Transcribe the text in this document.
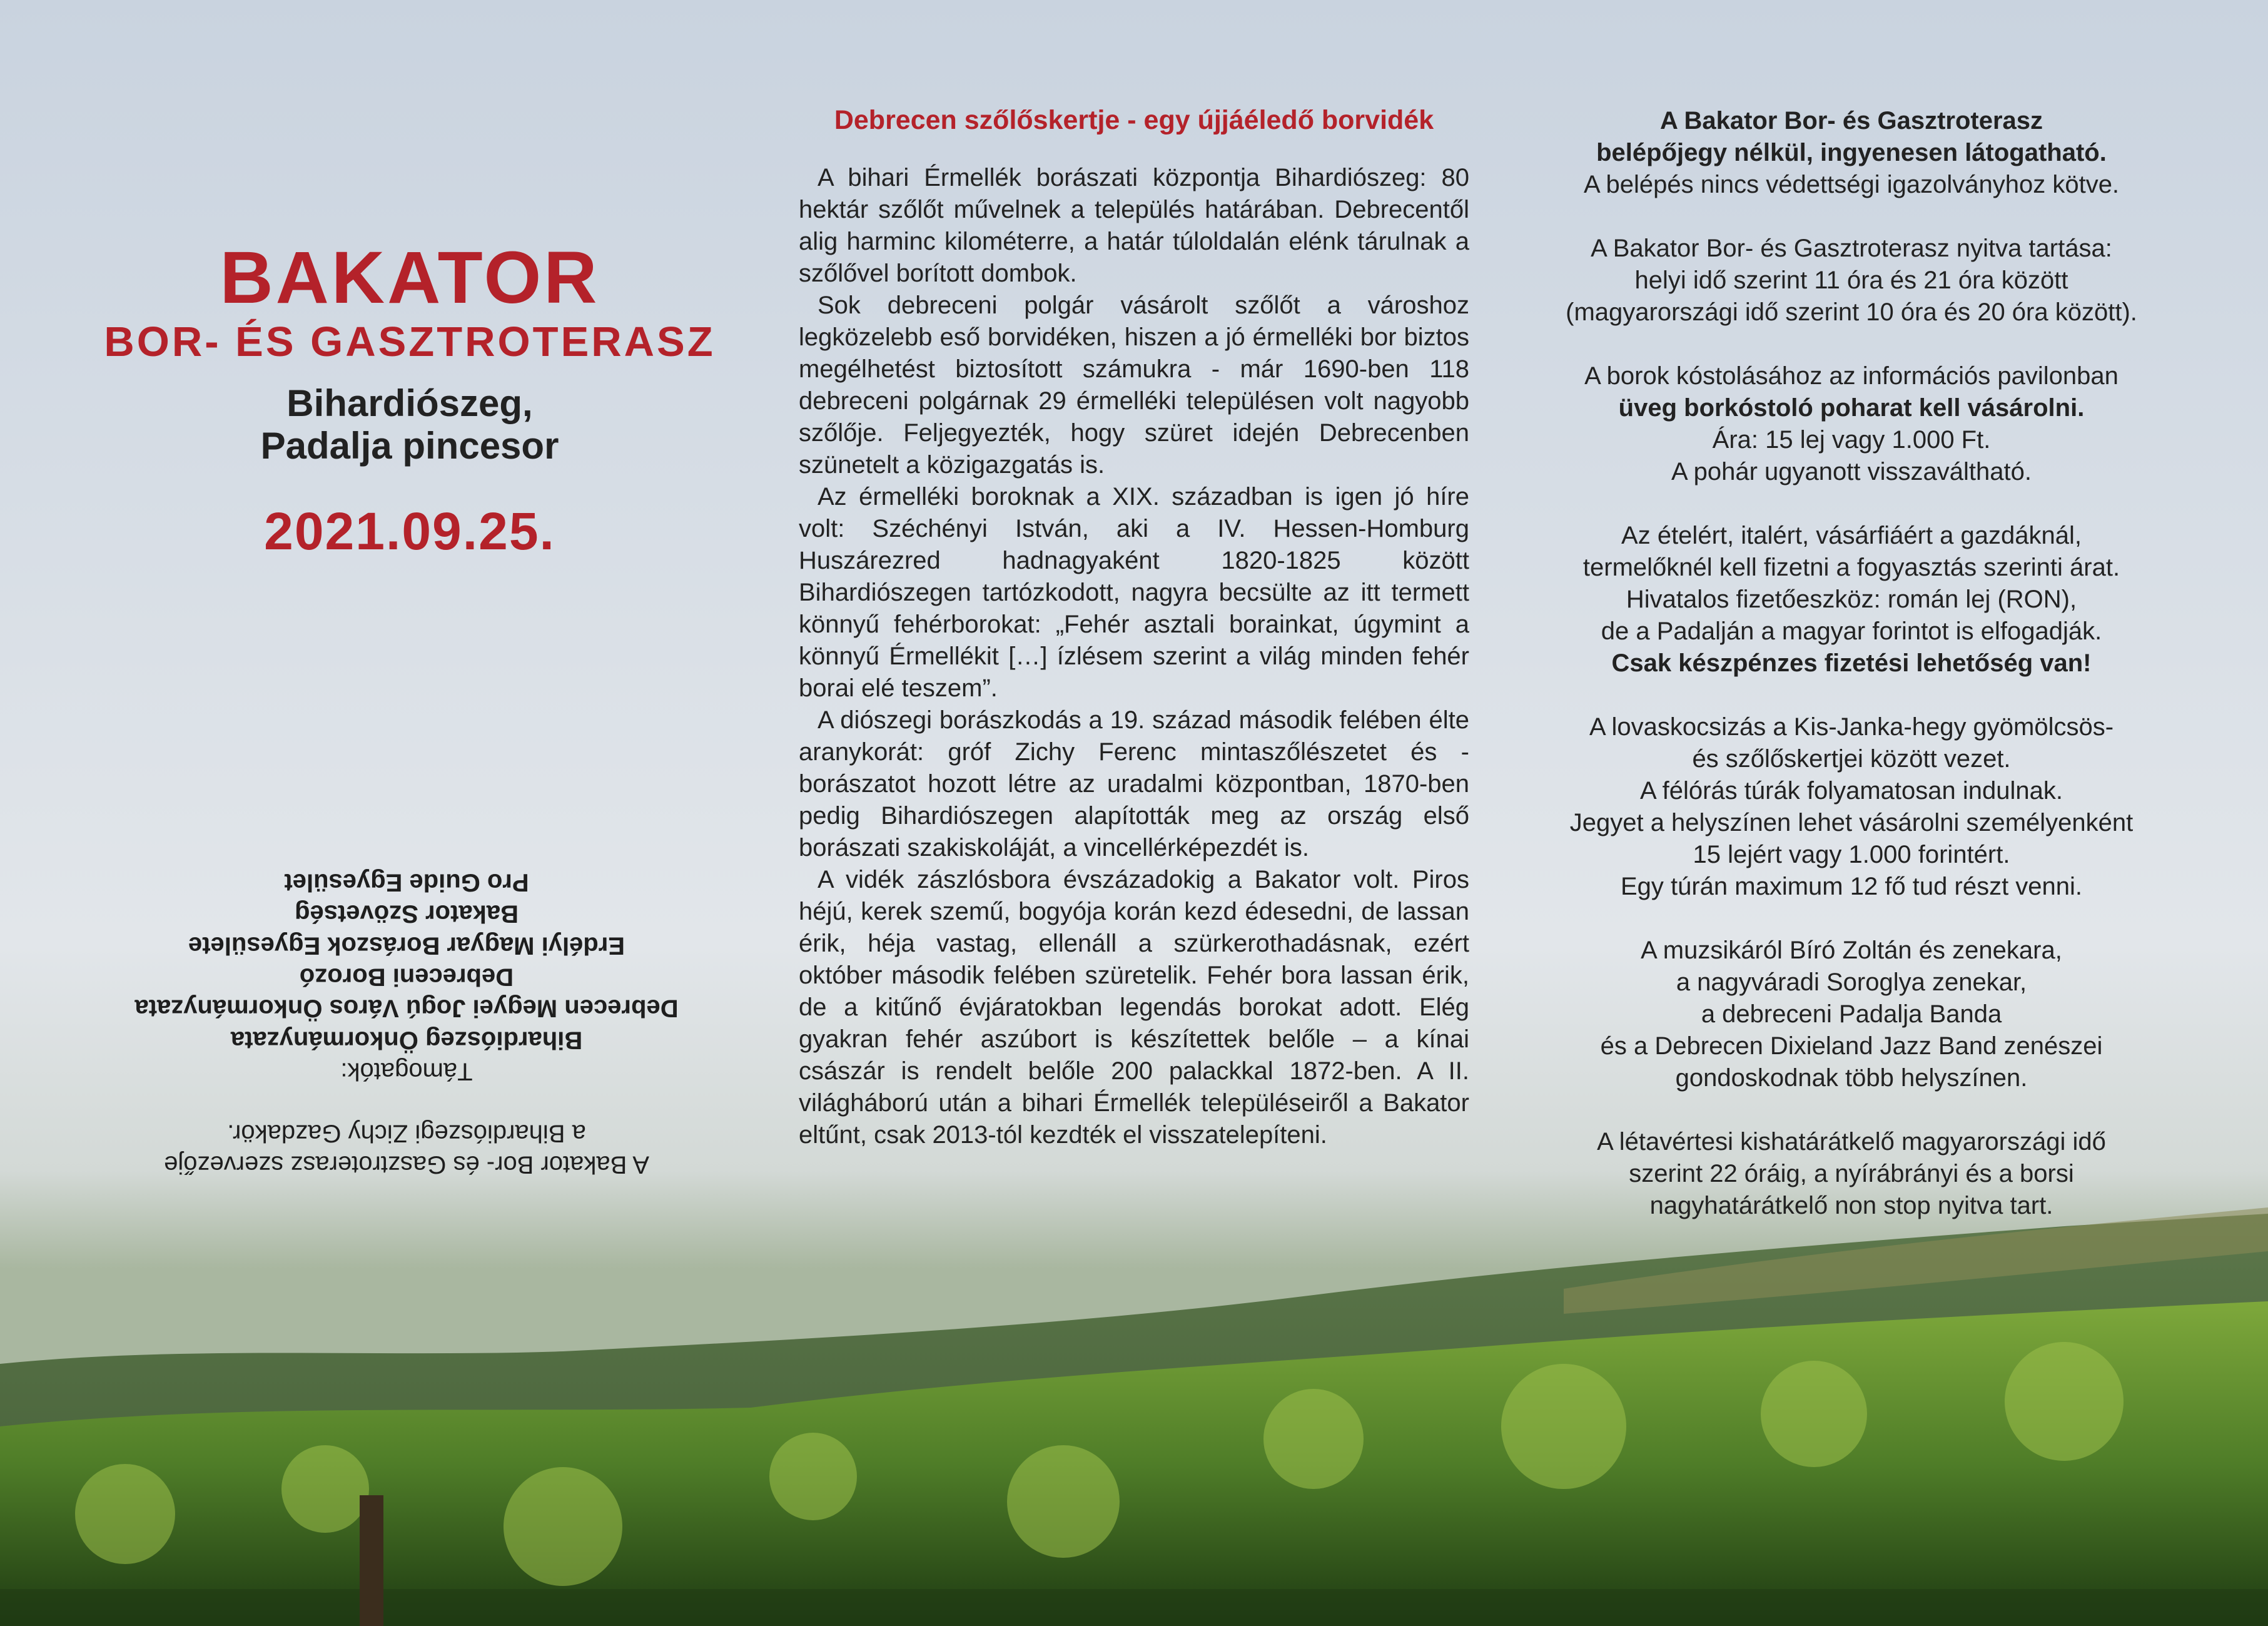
BAKATOR
BOR- ÉS GASZTROTERASZ
Bihardiószeg,
Padalja pincesor
2021.09.25.
A Bakator Bor- és Gasztroterasz szervezője
a Bihardiószegi Zichy Gazdakör.
Támogatók:
Bihardiószeg Önkormányzata
Debrecen Megyei Jogú Város Önkormányzata
Debreceni Borozó
Erdélyi Magyar Borászok Egyesülete
Bakator Szövetség
Pro Guide Egyesület
Debrecen szőlőskertje - egy újjáéledő borvidék

A bihari Érmellék borászati központja Bihardiószeg: 80 hektár szőlőt művelnek a település határában. Debrecentől alig harminc kilométerre, a határ túloldalán elénk tárulnak a szőlővel borított dombok.

Sok debreceni polgár vásárolt szőlőt a városhoz legközelebb eső borvidéken, hiszen a jó érmelléki bor biztos megélhetést biztosított számukra - már 1690-ben 118 debreceni polgárnak 29 érmelléki településen volt nagyobb szőlője. Feljegyezték, hogy szüret idején Debrecenben szünetelt a közigazgatás is.

Az érmelléki boroknak a XIX. században is igen jó híre volt: Széchényi István, aki a IV. Hessen-Homburg Huszárezred hadnagyaként 1820-1825 között Bihardiószegen tartózkodott, nagyra becsülte az itt termett könnyű fehérborokat: „Fehér asztali borainkat, úgymint a könnyű Érmellékit […] ízlésem szerint a világ minden fehér borai elé teszem”.

A diószegi borászkodás a 19. század második felében élte aranykorát: gróf Zichy Ferenc mintaszőlészetet és -borászatot hozott létre az uradalmi központban, 1870-ben pedig Bihardiószegen alapították meg az ország első borászati szakiskoláját, a vincellérképezdét is.

A vidék zászlósbora évszázadokig a Bakator volt. Piros héjú, kerek szemű, bogyója korán kezd édesedni, de lassan érik, héja vastag, ellenáll a szürkerothadásnak, ezért október második felében szüretelik. Fehér bora lassan érik, de a kitűnő évjáratokban legendás borokat adott. Elég gyakran fehér aszúbort is készítettek belőle – a kínai császár is rendelt belőle 200 palackkal 1872-ben. A II. világháború után a bihari Érmellék településeiről a Bakator eltűnt, csak 2013-tól kezdték el visszatelepíteni.

A Bakator Bor- és Gasztroterasz
belépőjegy nélkül, ingyenesen látogatható.
A belépés nincs védettségi igazolványhoz kötve.
A Bakator Bor- és Gasztroterasz nyitva tartása:
helyi idő szerint 11 óra és 21 óra között
(magyarországi idő szerint 10 óra és 20 óra között).
A borok kóstolásához az információs pavilonban
üveg borkóstoló poharat kell vásárolni.
Ára: 15 lej vagy 1.000 Ft.
A pohár ugyanott visszaváltható.
Az ételért, italért, vásárfiáért a gazdáknál,
termelőknél kell fizetni a fogyasztás szerinti árat.
Hivatalos fizetőeszköz: román lej (RON),
de a Padalján a magyar forintot is elfogadják.
Csak készpénzes fizetési lehetőség van!
A lovaskocsizás a Kis-Janka-hegy gyömölcsös-
és szőlőskertjei között vezet.
A félórás túrák folyamatosan indulnak.
Jegyet a helyszínen lehet vásárolni személyenként
15 lejért vagy 1.000 forintért.
Egy túrán maximum 12 fő tud részt venni.
A muzsikáról Bíró Zoltán és zenekara,
a nagyváradi Soroglya zenekar,
a debreceni Padalja Banda
és a Debrecen Dixieland Jazz Band zenészei
gondoskodnak több helyszínen.
A létavértesi kishatárátkelő magyarországi idő
szerint 22 óráig, a nyírábrányi és a borsi
nagyhatárátkelő non stop nyitva tart.
